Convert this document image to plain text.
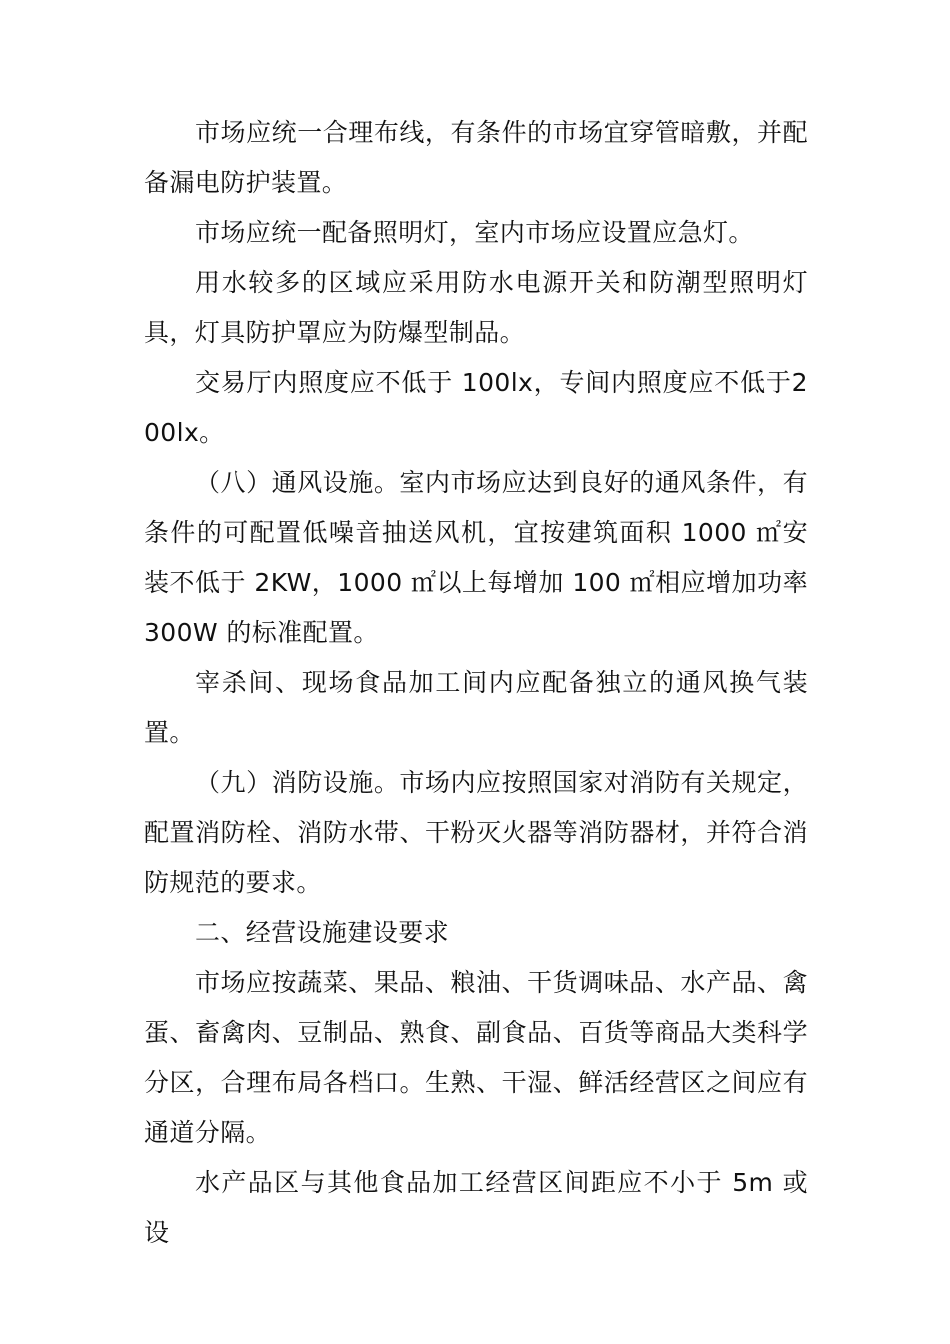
市场应统一合理布线，有条件的市场宜穿管暗敷，并配备漏电防护装置。

市场应统一配备照明灯，室内市场应设置应急灯。

用水较多的区域应采用防水电源开关和防潮型照明灯具，灯具防护罩应为防爆型制品。

交易厅内照度应不低于 100lx，专间内照度应不低于200lx。

（八）通风设施。室内市场应达到良好的通风条件，有条件的可配置低噪音抽送风机，宜按建筑面积 1000 ㎡安装不低于 2KW，1000 ㎡以上每增加 100 ㎡相应增加功率300W 的标准配置。

宰杀间、现场食品加工间内应配备独立的通风换气装置。

（九）消防设施。市场内应按照国家对消防有关规定，配置消防栓、消防水带、干粉灭火器等消防器材，并符合消防规范的要求。

二、经营设施建设要求

市场应按蔬菜、果品、粮油、干货调味品、水产品、禽蛋、畜禽肉、豆制品、熟食、副食品、百货等商品大类科学分区，合理布局各档口。生熟、干湿、鲜活经营区之间应有通道分隔。

水产品区与其他食品加工经营区间距应不小于 5m 或设
